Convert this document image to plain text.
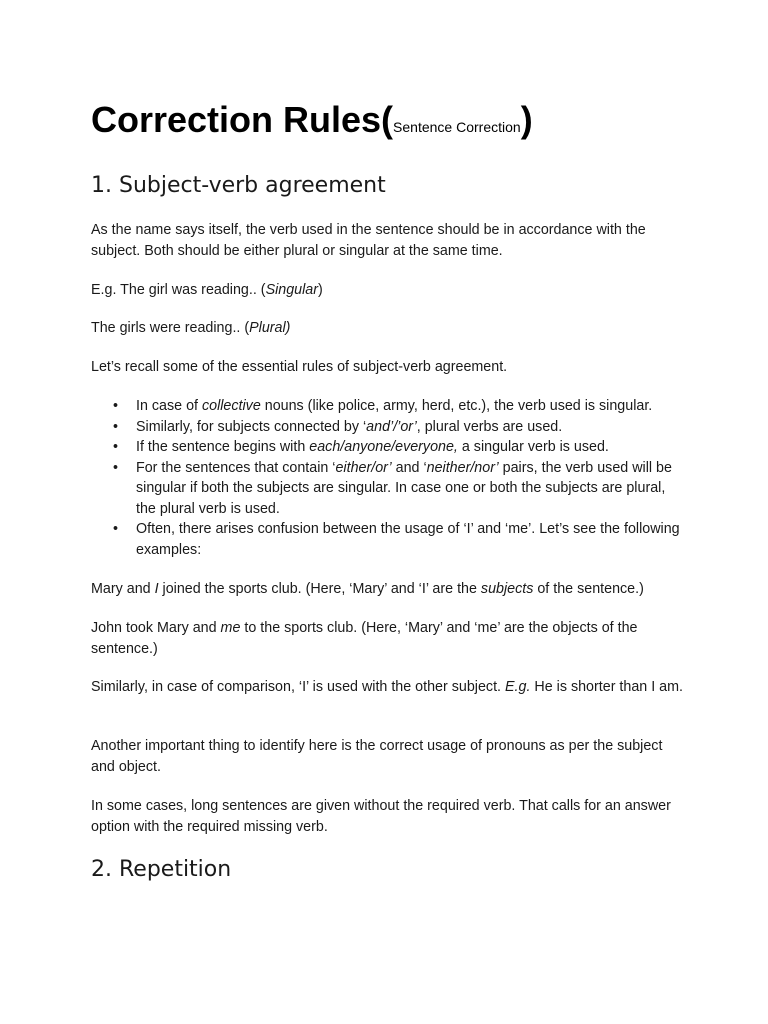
Correction Rules(Sentence Correction)
1. Subject-verb agreement

As the name says itself, the verb used in the sentence should be in accordance with the subject. Both should be either plural or singular at the same time.

E.g. The girl was reading.. (Singular)

The girls were reading.. (Plural)

Let’s recall some of the essential rules of subject-verb agreement.

• In case of collective nouns (like police, army, herd, etc.), the verb used is singular.
• Similarly, for subjects connected by ‘and’/’or’, plural verbs are used.
• If the sentence begins with each/anyone/everyone, a singular verb is used.
• For the sentences that contain ‘either/or’ and ‘neither/nor’ pairs, the verb used will be singular if both the subjects are singular. In case one or both the subjects are plural, the plural verb is used.
• Often, there arises confusion between the usage of ‘I’ and ‘me’. Let’s see the following examples:

Mary and I joined the sports club. (Here, ‘Mary’ and ‘I’ are the subjects of the sentence.)

John took Mary and me to the sports club. (Here, ‘Mary’ and ‘me’ are the objects of the sentence.)

Similarly, in case of comparison, ‘I’ is used with the other subject. E.g. He is shorter than I am.

Another important thing to identify here is the correct usage of pronouns as per the subject and object.

In some cases, long sentences are given without the required verb. That calls for an answer option with the required missing verb.

2. Repetition
